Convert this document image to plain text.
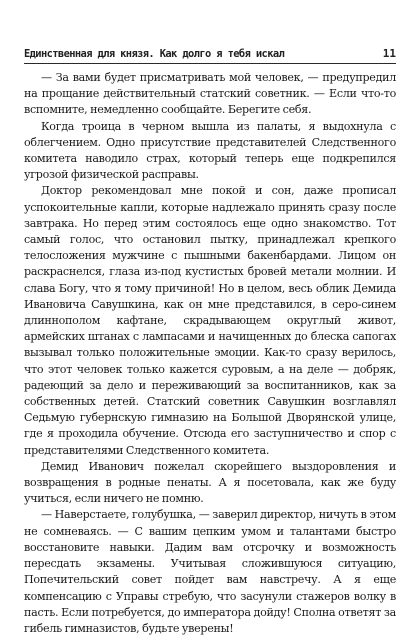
Единственная для князя. Как долго я тебя искал	11

— За вами будет присматривать мой человек, — предупредил на прощание действительный статский советник. — Если что-то вспомните, немедленно сообщайте. Берегите себя.

Когда троица в черном вышла из палаты, я выдохнула с облегчением. Одно присутствие представителей Следственного комитета наводило страх, который теперь еще подкрепился угрозой физической расправы.

Доктор рекомендовал мне покой и сон, даже прописал успокоительные капли, которые надлежало принять сразу после завтрака. Но перед этим состоялось еще одно знакомство. Тот самый голос, что остановил пытку, принадлежал крепкого телосложения мужчине с пышными бакенбардами. Лицом он раскраснелся, глаза из-под кустистых бровей метали молнии. И слава Богу, что я тому причиной! Но в целом, весь облик Демида Ивановича Савушкина, как он мне представился, в серо-синем длиннополом кафтане, скрадывающем округлый живот, армейских штанах с лампасами и начищенных до блеска сапогах вызывал только положительные эмоции. Как-то сразу верилось, что этот человек только кажется суровым, а на деле — добряк, радеющий за дело и переживающий за воспитанников, как за собственных детей. Статский советник Савушкин возглавлял Седьмую губернскую гимназию на Большой Дворянской улице, где я проходила обучение. Отсюда его заступничество и спор с представителями Следственного комитета.

Демид Иванович пожелал скорейшего выздоровления и возвращения в родные пенаты. А я посетовала, как же буду учиться, если ничего не помню.

— Наверстаете, голубушка, — заверил директор, ничуть в этом не сомневаясь. — С вашим цепким умом и талантами быстро восстановите навыки. Дадим вам отсрочку и возможность пересдать экзамены. Учитывая сложившуюся ситуацию, Попечительский совет пойдет вам навстречу. А я еще компенсацию с Управы стребую, что засунули стажеров волку в пасть. Если потребуется, до императора дойду! Сполна ответят за гибель гимназистов, будьте уверены!
